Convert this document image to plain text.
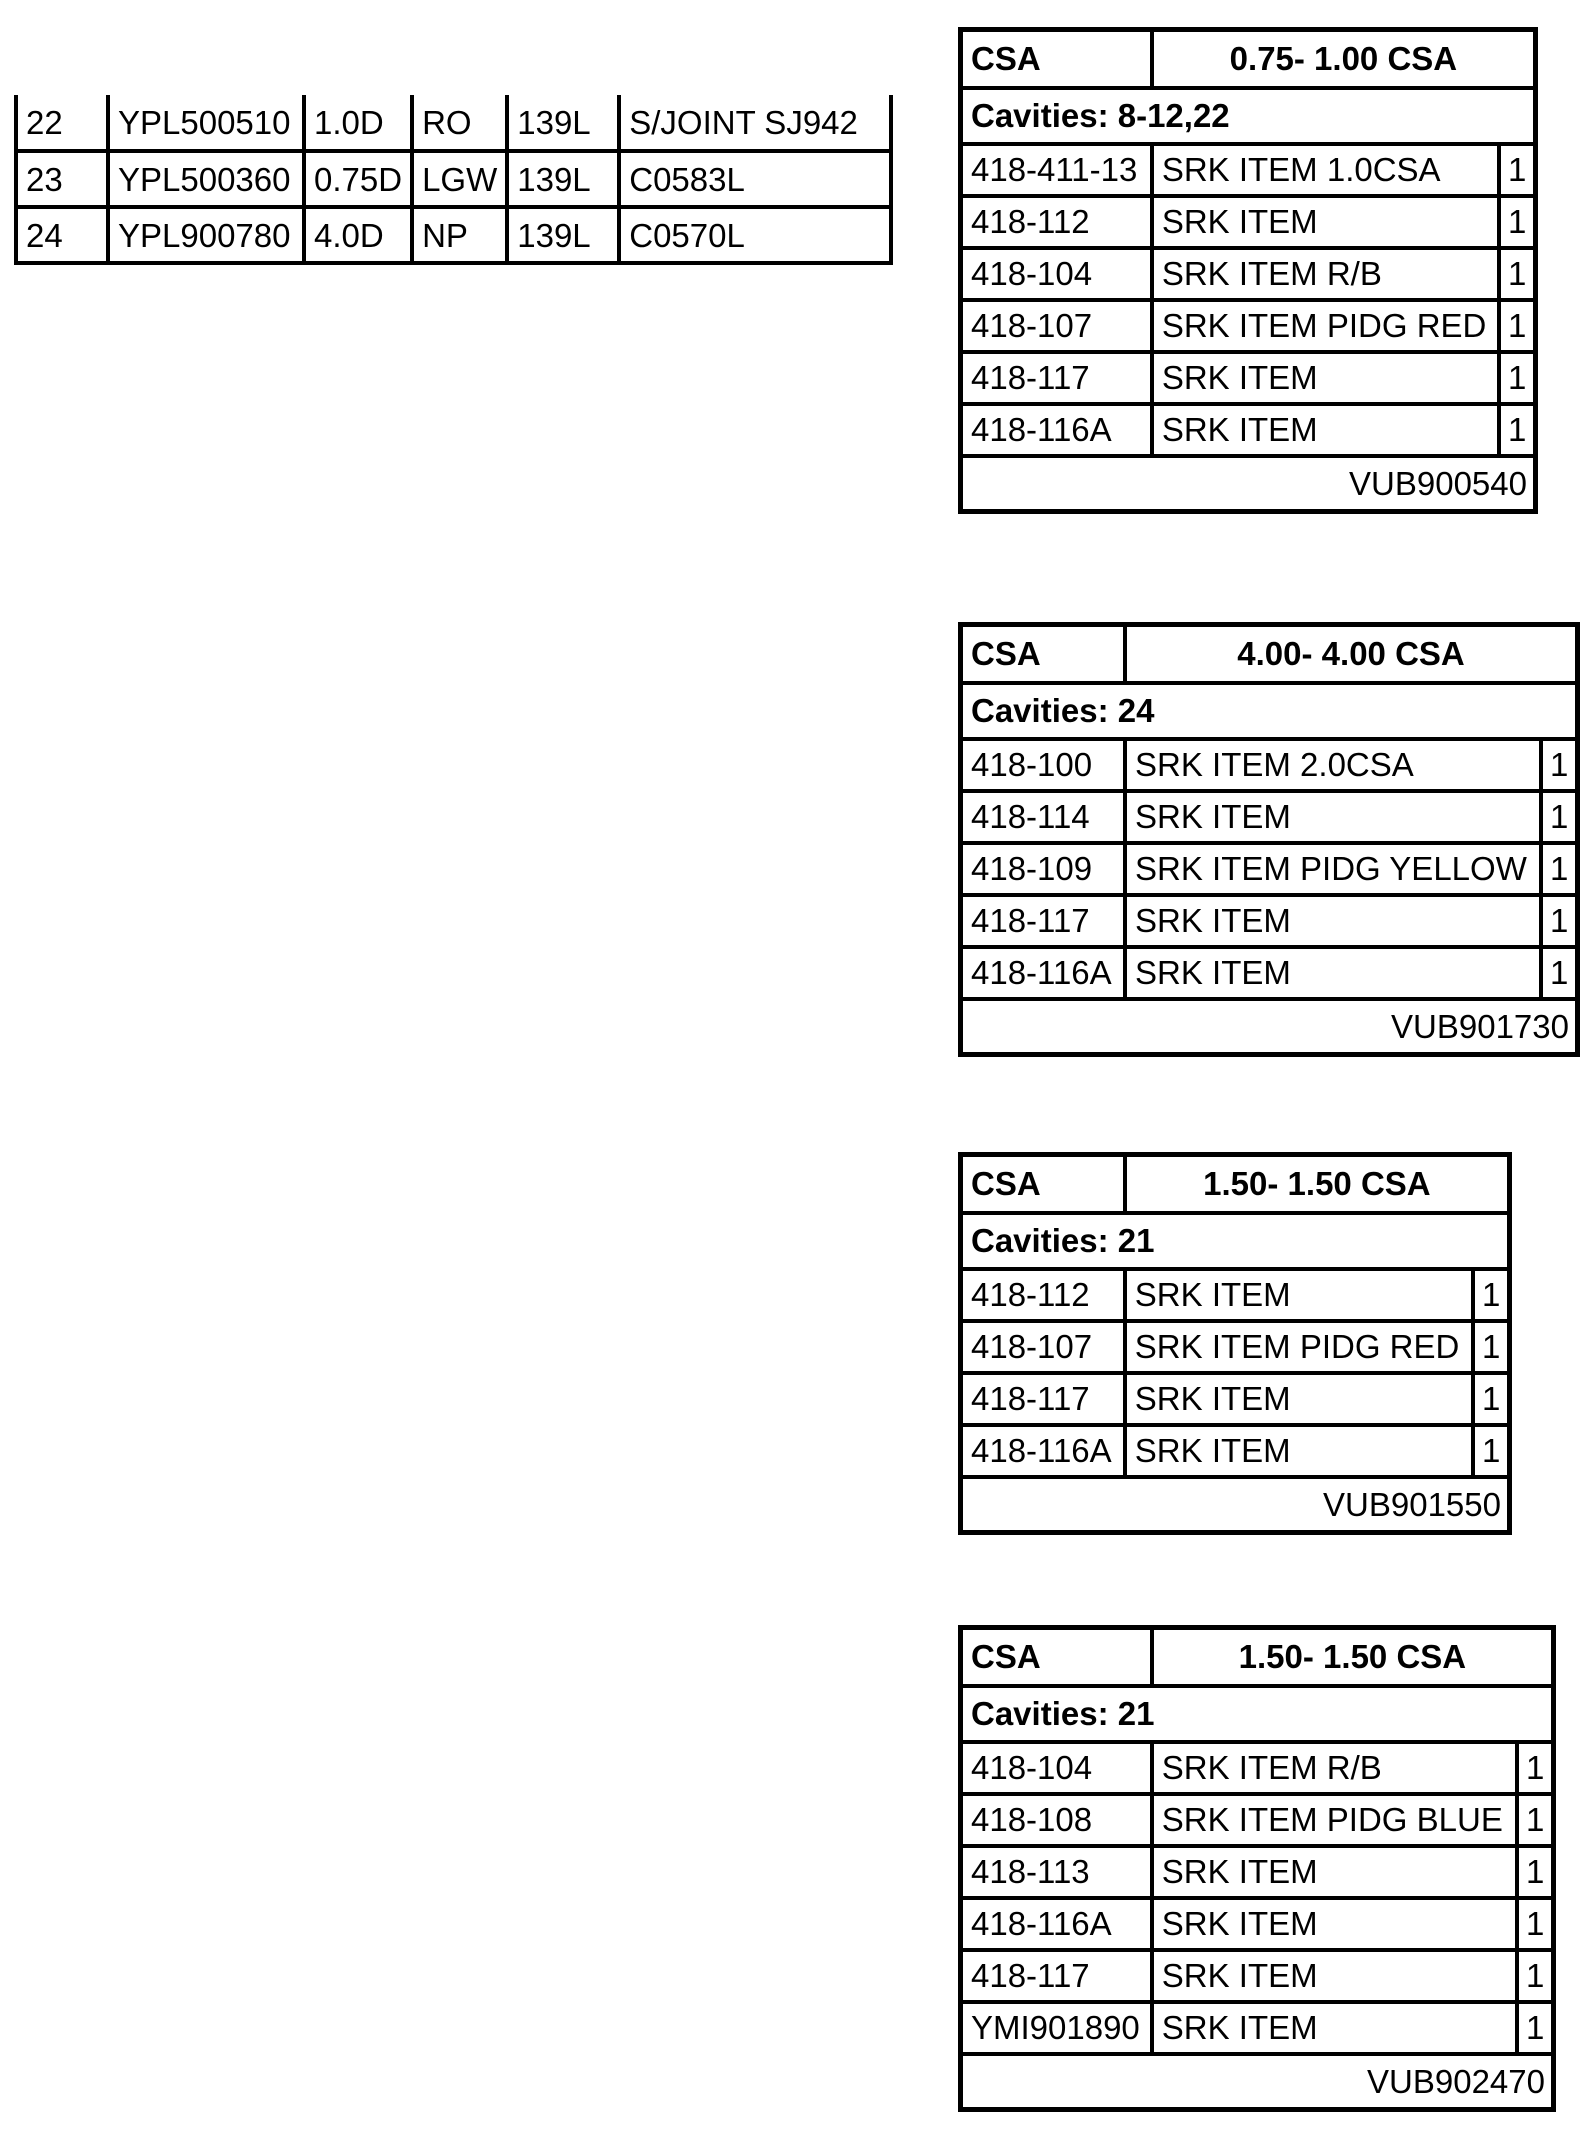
22	YPL500510	1.0D	RO	139L	S/JOINT SJ942
23	YPL500360	0.75D	LGW	139L	C0583L
24	YPL900780	4.0D	NP	139L	C0570L
CSA	0.75- 1.00 CSA	
Cavities: 8-12,22		
418-411-13	SRK ITEM 1.0CSA	1
418-112	SRK ITEM	1
418-104	SRK ITEM R/B	1
418-107	SRK ITEM PIDG RED	1
418-117	SRK ITEM	1
418-116A	SRK ITEM	1
VUB900540		
CSA	4.00- 4.00 CSA	
Cavities: 24		
418-100	SRK ITEM 2.0CSA	1
418-114	SRK ITEM	1
418-109	SRK ITEM PIDG YELLOW	1
418-117	SRK ITEM	1
418-116A	SRK ITEM	1
VUB901730		
CSA	1.50- 1.50 CSA	
Cavities: 21		
418-112	SRK ITEM	1
418-107	SRK ITEM PIDG RED	1
418-117	SRK ITEM	1
418-116A	SRK ITEM	1
VUB901550		
CSA	1.50- 1.50 CSA	
Cavities: 21		
418-104	SRK ITEM R/B	1
418-108	SRK ITEM PIDG BLUE	1
418-113	SRK ITEM	1
418-116A	SRK ITEM	1
418-117	SRK ITEM	1
YMI901890	SRK ITEM	1
VUB902470		
